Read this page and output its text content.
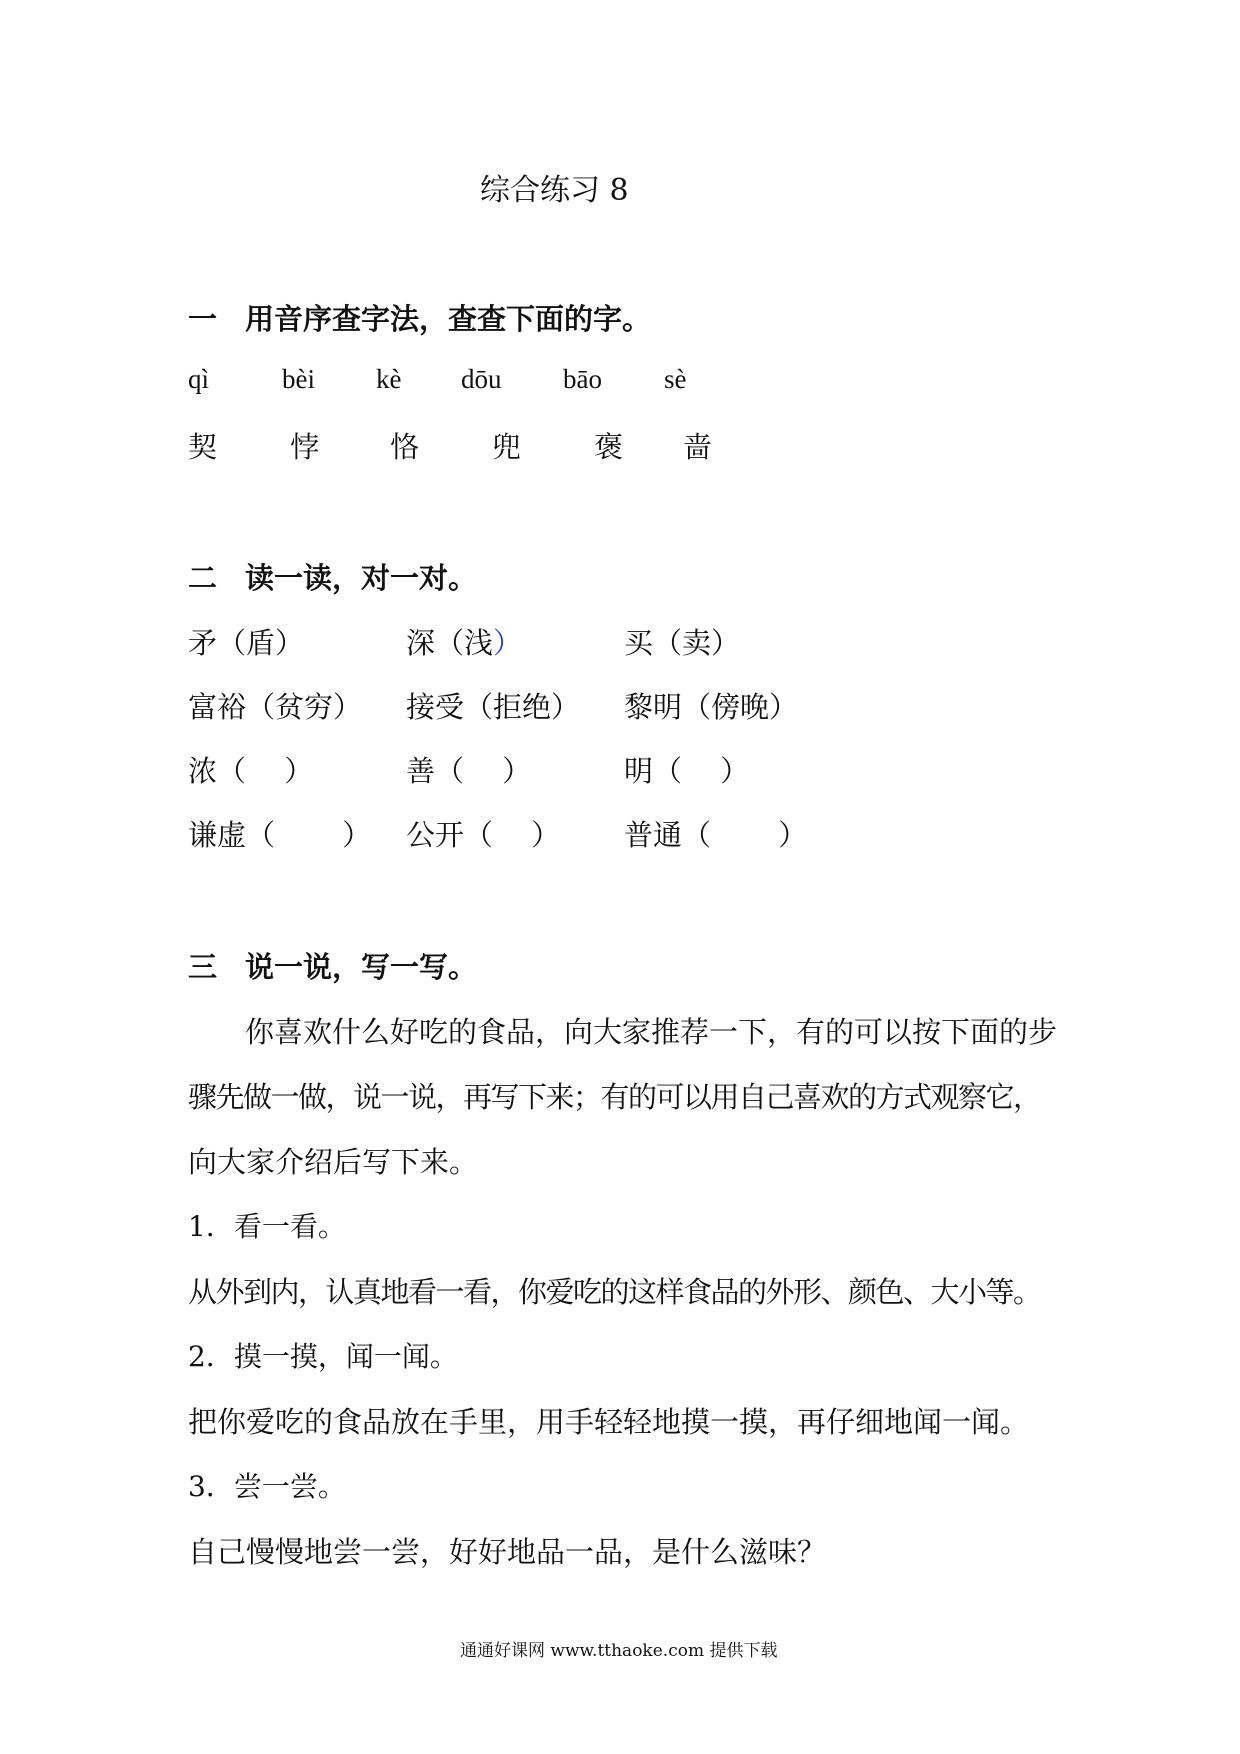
综合练习 8
一 用音序查字法，查查下面的字。
qì	bèi kè dōu bāo sè
契	悖 恪	兜	褒 啬
二 读一读，对一对。
矛（盾）	深（浅）	买（卖）
富裕（贫穷） 接受（拒绝） 黎明（傍晚）
浓（　 ）	善（　 ）	明（　 ）
谦虚（　　 ） 公开（　 ） 普通（　　 ）
三 说一说，写一写。
你喜欢什么好吃的食品，向大家推荐一下，有的可以按下面的步
骤先做一做，说一说，再写下来；有的可以用自己喜欢的方式观察它，
向大家介绍后写下来。
1．看一看。
从外到内，认真地看一看，你爱吃的这样食品的外形、颜色、大小等。
2．摸一摸，闻一闻。
把你爱吃的食品放在手里，用手轻轻地摸一摸，再仔细地闻一闻。
3．尝一尝。
自己慢慢地尝一尝，好好地品一品，是什么滋味？
通通好课网 www.tthaoke.com 提供下载
